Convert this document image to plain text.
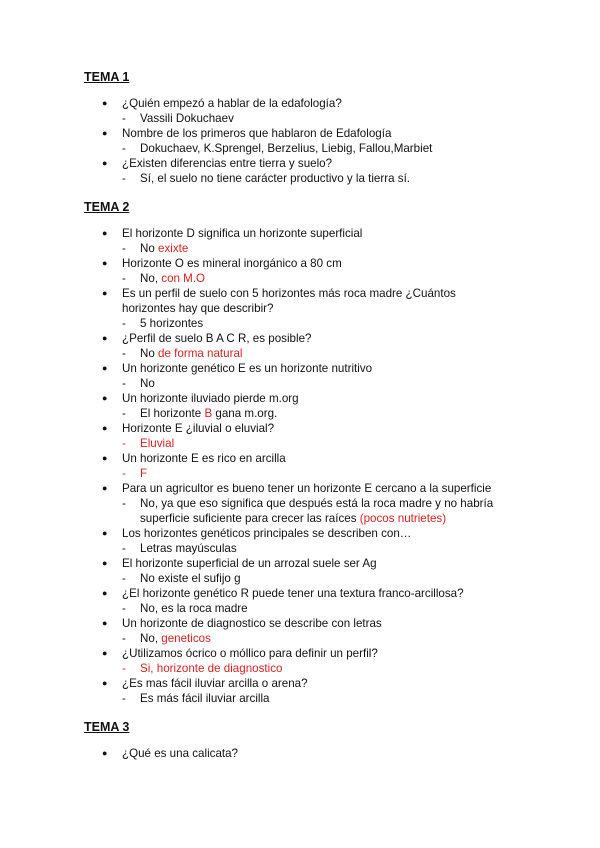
TEMA 1
● ¿Quién empezó a hablar de la edafología?
- Vassili Dokuchaev
● Nombre de los primeros que hablaron de Edafología
- Dokuchaev, K.Sprengel, Berzelius, Liebig, Fallou,Marbiet
● ¿Existen diferencias entre tierra y suelo?
- Sí, el suelo no tiene carácter productivo y la tierra sí.
TEMA 2
● El horizonte D significa un horizonte superficial
- No exixte
● Horizonte O es mineral inorgánico a 80 cm
- No, con M.O
● Es un perfil de suelo con 5 horizontes más roca madre ¿Cuántos
horizontes hay que describir?
- 5 horizontes
● ¿Perfil de suelo B A C R, es posible?
- No de forma natural
● Un horizonte genético E es un horizonte nutritivo
- No
● Un horizonte iluviado pierde m.org
- El horizonte B gana m.org.
● Horizonte E ¿iluvial o eluvial?
- Eluvial
● Un horizonte E es rico en arcilla
- F
● Para un agricultor es bueno tener un horizonte E cercano a la superficie
- No, ya que eso significa que después está la roca madre y no habría
superficie suficiente para crecer las raíces (pocos nutrietes)
● Los horizontes genéticos principales se describen con…
- Letras mayúsculas
● El horizonte superficial de un arrozal suele ser Ag
- No existe el sufijo g
● ¿El horizonte genético R puede tener una textura franco-arcillosa?
- No, es la roca madre
● Un horizonte de diagnostico se describe con letras
- No, geneticos
● ¿Utilizamos ócrico o móllico para definir un perfil?
- Si, horizonte de diagnostico
● ¿Es mas fácil iluviar arcilla o arena?
- Es más fácil iluviar arcilla
TEMA 3
● ¿Qué es una calicata?
